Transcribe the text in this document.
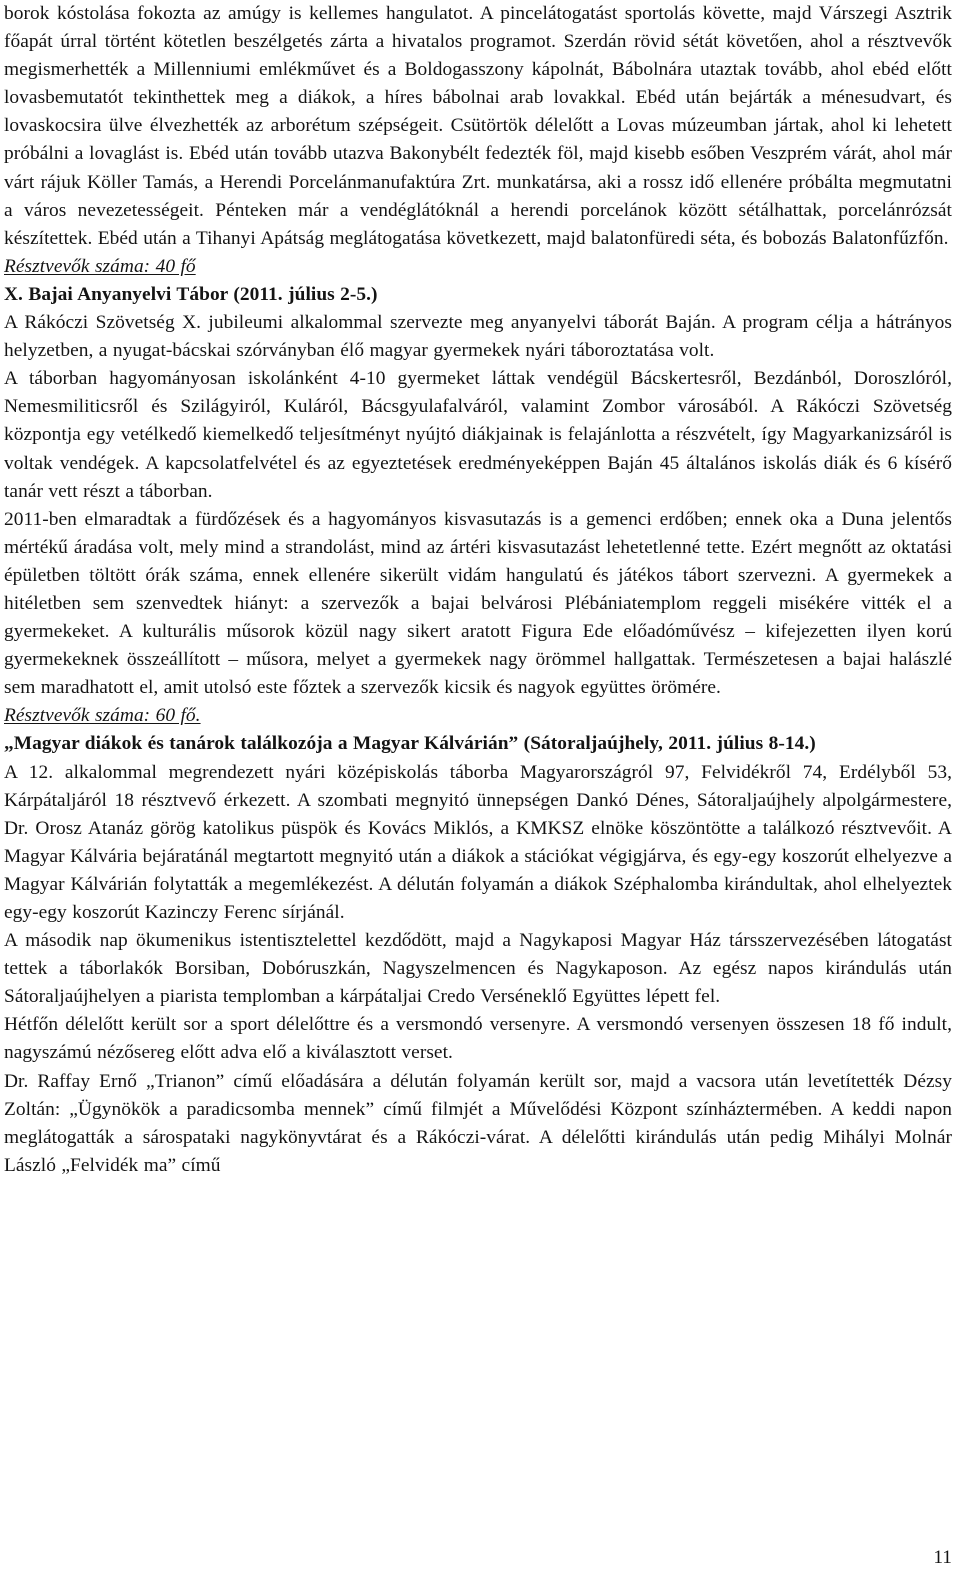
borok kóstolása fokozta az amúgy is kellemes hangulatot. A pincelátogatást sportolás követte, majd Várszegi Asztrik főapát úrral történt kötetlen beszélgetés zárta a hivatalos programot. Szerdán rövid sétát követően, ahol a résztvevők megismerhették a Millenniumi emlékművet és a Boldogasszony kápolnát, Bábolnára utaztak tovább, ahol ebéd előtt lovasbemutatót tekinthettek meg a diákok, a híres bábolnai arab lovakkal. Ebéd után bejárták a ménesudvart, és lovaskocsira ülve élvezhették az arborétum szépségeit. Csütörtök délelőtt a Lovas múzeumban jártak, ahol ki lehetett próbálni a lovaglást is. Ebéd után tovább utazva Bakonybélt fedezték föl, majd kisebb esőben Veszprém várát, ahol már várt rájuk Köller Tamás, a Herendi Porcelánmanufaktúra Zrt. munkatársa, aki a rossz idő ellenére próbálta megmutatni a város nevezetességeit. Pénteken már a vendéglátóknál a herendi porcelánok között sétálhattak, porcelánrózsát készítettek. Ebéd után a Tihanyi Apátság meglátogatása következett, majd balatonfüredi séta, és bobozás Balatonfűzfőn.

Résztvevők száma: 40 fő

X. Bajai Anyanyelvi Tábor (2011. július 2-5.)

A Rákóczi Szövetség X. jubileumi alkalommal szervezte meg anyanyelvi táborát Baján. A program célja a hátrányos helyzetben, a nyugat-bácskai szórványban élő magyar gyermekek nyári táboroztatása volt.

A táborban hagyományosan iskolánként 4-10 gyermeket láttak vendégül Bácskertesről, Bezdánból, Doroszlóról, Nemesmiliticsről és Szilágyiról, Kuláról, Bácsgyulafalváról, valamint Zombor városából. A Rákóczi Szövetség központja egy vetélkedő kiemelkedő teljesítményt nyújtó diákjainak is felajánlotta a részvételt, így Magyarkanizsáról is voltak vendégek. A kapcsolatfelvétel és az egyeztetések eredményeképpen Baján 45 általános iskolás diák és 6 kísérő tanár vett részt a táborban.

2011-ben elmaradtak a fürdőzések és a hagyományos kisvasutazás is a gemenci erdőben; ennek oka a Duna jelentős mértékű áradása volt, mely mind a strandolást, mind az ártéri kisvasutazást lehetetlenné tette. Ezért megnőtt az oktatási épületben töltött órák száma, ennek ellenére sikerült vidám hangulatú és játékos tábort szervezni. A gyermekek a hitéletben sem szenvedtek hiányt: a szervezők a bajai belvárosi Plébániatemplom reggeli misékére vitték el a gyermekeket. A kulturális műsorok közül nagy sikert aratott Figura Ede előadóművész – kifejezetten ilyen korú gyermekeknek összeállított – műsora, melyet a gyermekek nagy örömmel hallgattak. Természetesen a bajai halászlé sem maradhatott el, amit utolsó este főztek a szervezők kicsik és nagyok együttes örömére.

Résztvevők száma: 60 fő.

„Magyar diákok és tanárok találkozója a Magyar Kálvárián” (Sátoraljaújhely, 2011. július 8-14.)

A 12. alkalommal megrendezett nyári középiskolás táborba Magyarországról 97, Felvidékről 74, Erdélyből 53, Kárpátaljáról 18 résztvevő érkezett. A szombati megnyitó ünnepségen Dankó Dénes, Sátoraljaújhely alpolgármestere, Dr. Orosz Atanáz görög katolikus püspök és Kovács Miklós, a KMKSZ elnöke köszöntötte a találkozó résztvevőit. A Magyar Kálvária bejáratánál megtartott megnyitó után a diákok a stációkat végigjárva, és egy-egy koszorút elhelyezve a Magyar Kálvárián folytatták a megemlékezést. A délután folyamán a diákok Széphalomba kirándultak, ahol elhelyeztek egy-egy koszorút Kazinczy Ferenc sírjánál.

A második nap ökumenikus istentisztelettel kezdődött, majd a Nagykaposi Magyar Ház társszervezésében látogatást tettek a táborlakók Borsiban, Dobóruszkán, Nagyszelmencen és Nagykaposon. Az egész napos kirándulás után Sátoraljaújhelyen a piarista templomban a kárpátaljai Credo Verséneklő Együttes lépett fel.

Hétfőn délelőtt került sor a sport délelőttre és a versmondó versenyre. A versmondó versenyen összesen 18 fő indult, nagyszámú nézősereg előtt adva elő a kiválasztott verset.

Dr. Raffay Ernő „Trianon” című előadására a délután folyamán került sor, majd a vacsora után levetítették Dézsy Zoltán: „Ügynökök a paradicsomba mennek” című filmjét a Művelődési Központ színháztermében. A keddi napon meglátogatták a sárospataki nagykönyvtárat és a Rákóczi-várat. A délelőtti kirándulás után pedig Mihályi Molnár László „Felvidék ma” című

11
